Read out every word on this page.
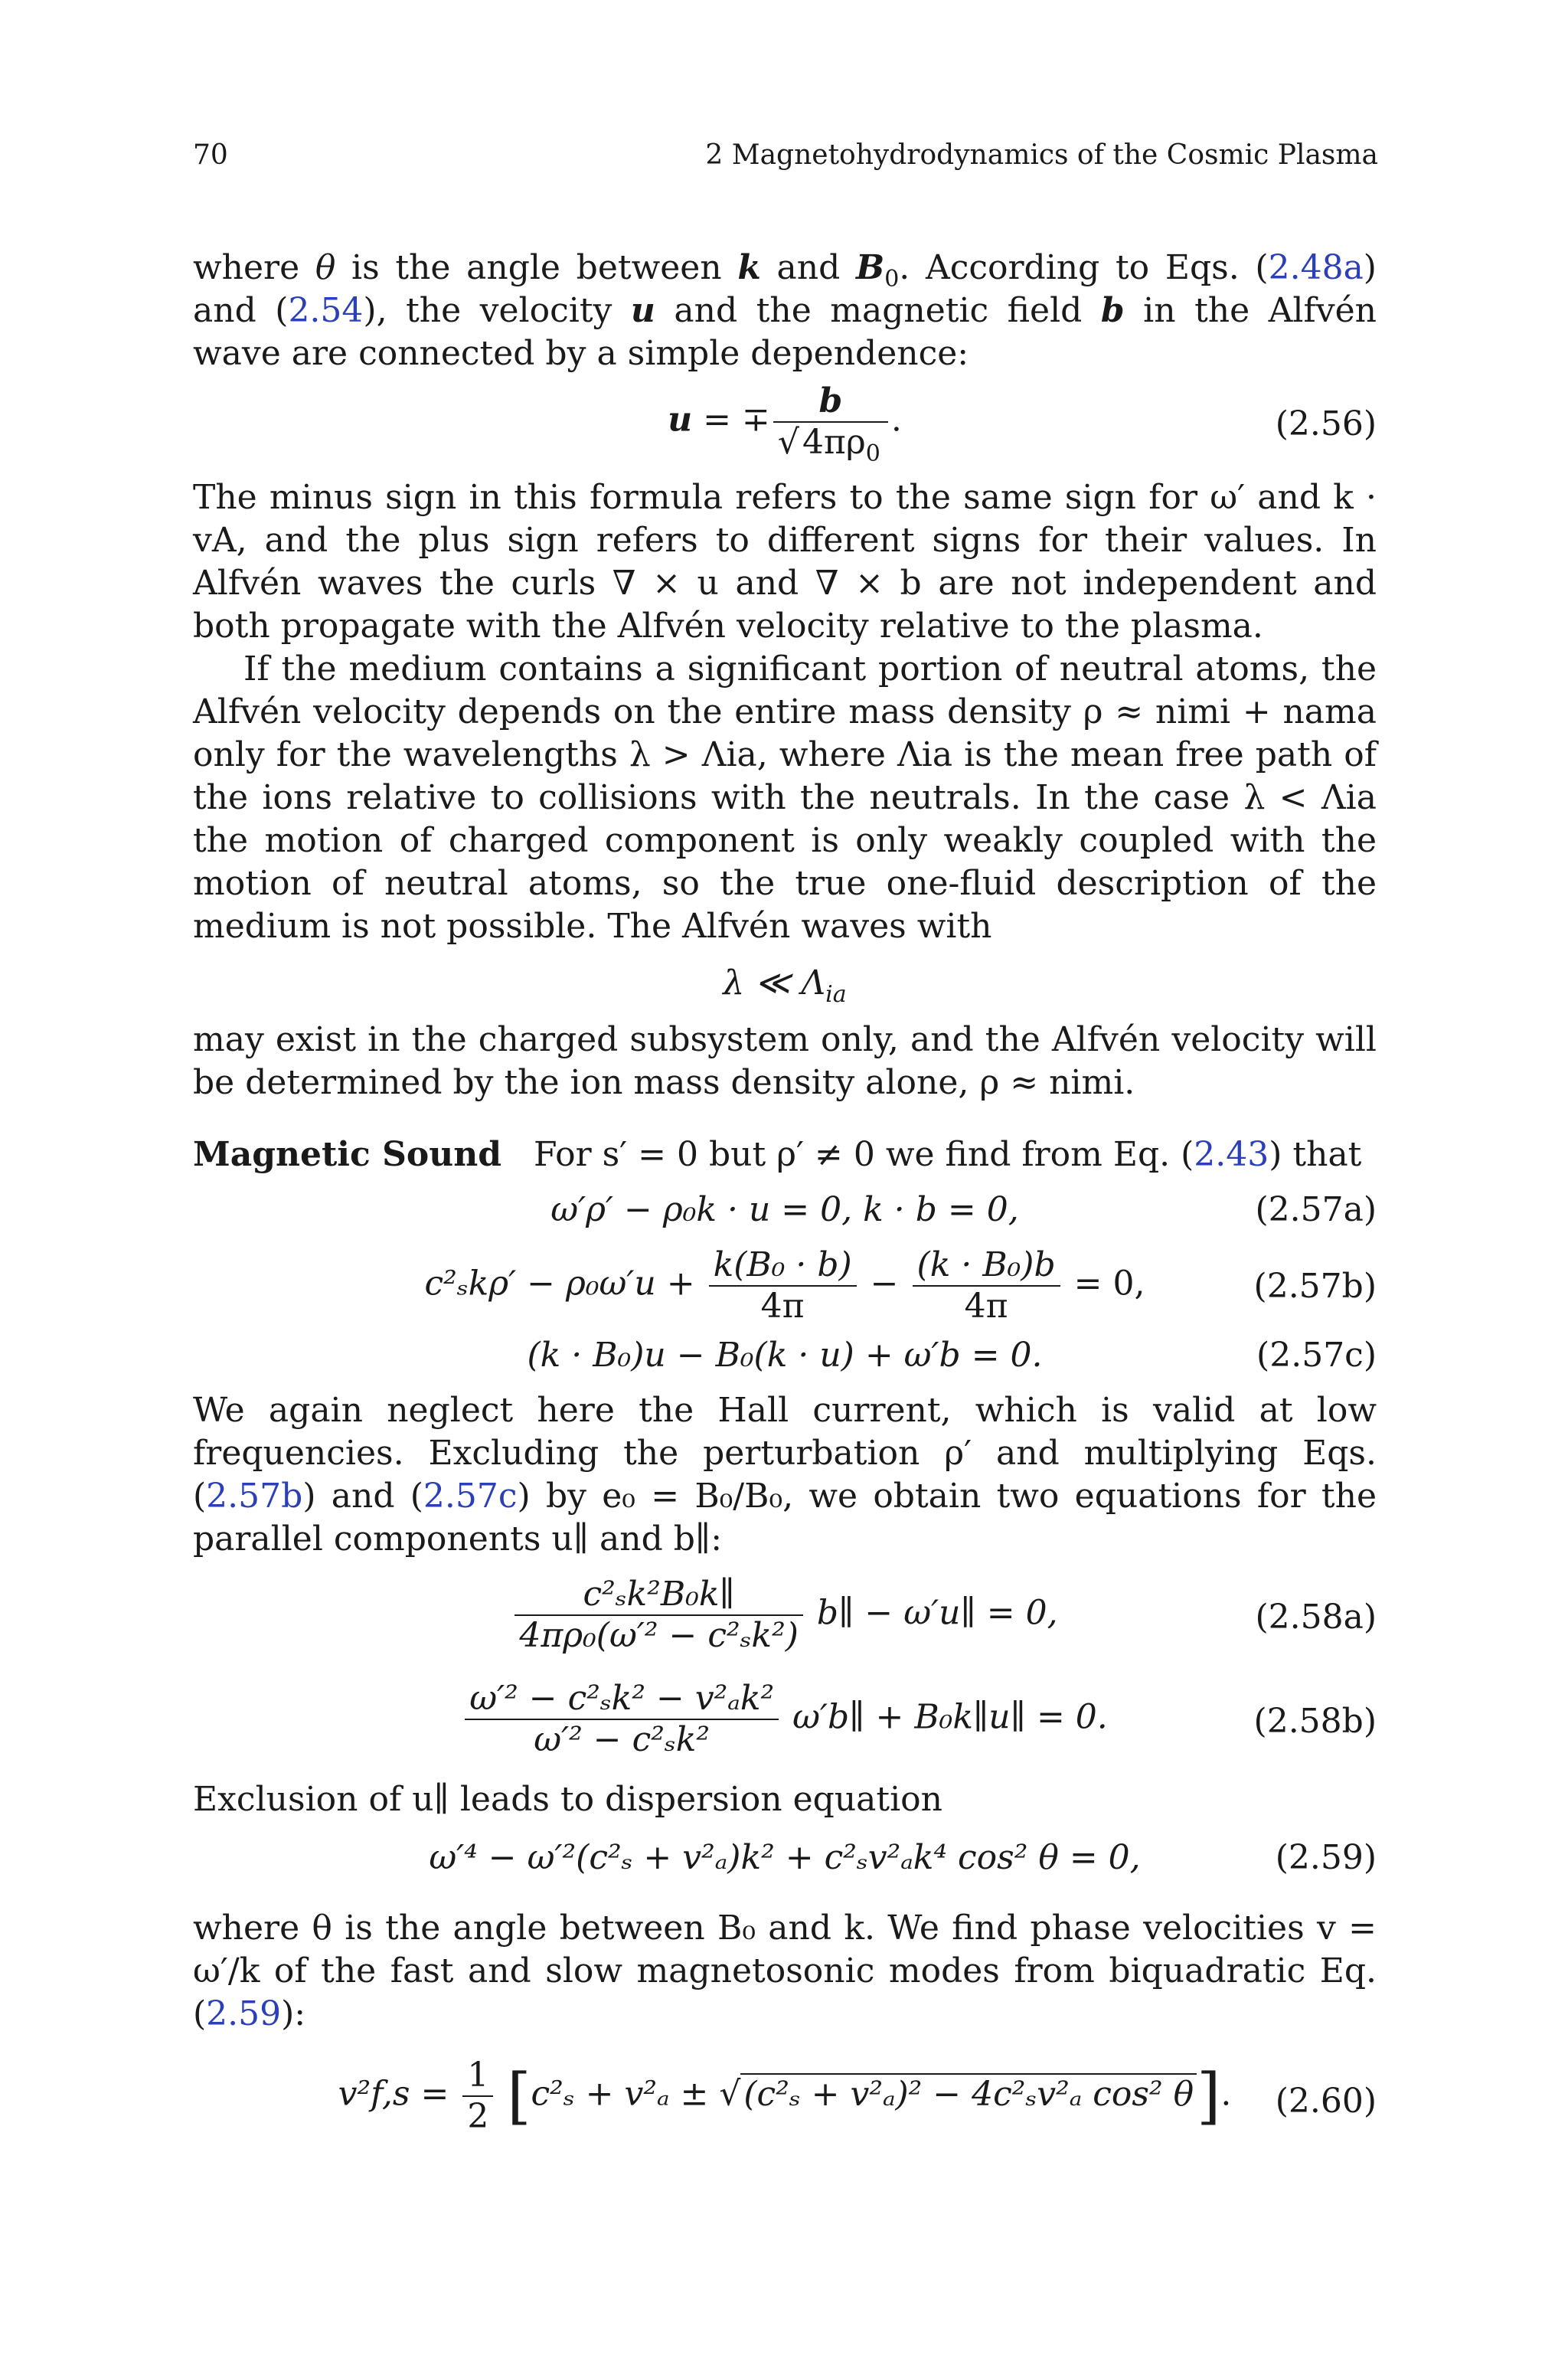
70	2 Magnetohydrodynamics of the Cosmic Plasma

where θ is the angle between k and $B_0$. According to Eqs. (2.48a) and (2.54), the velocity u and the magnetic field b in the Alfvén wave are connected by a simple dependence:

u = ∓ $\frac{b}{√4\pi\rho_0}$ .	(2.56)

The minus sign in this formula refers to the same sign for ω′ and k · vA, and the plus sign refers to different signs for their values. In Alfvén waves the curls ∇ × u and ∇ × b are not independent and both propagate with the Alfvén velocity relative to the plasma.

If the medium contains a significant portion of neutral atoms, the Alfvén velocity depends on the entire mass density ρ ≈ nimi + nama only for the wavelengths λ > Λia, where Λia is the mean free path of the ions relative to collisions with the neutrals. In the case λ < Λia the motion of charged component is only weakly coupled with the motion of neutral atoms, so the true one-fluid description of the medium is not possible. The Alfvén waves with

λ ≪ $\Lambda_{ia}$

may exist in the charged subsystem only, and the Alfvén velocity will be determined by the ion mass density alone, ρ ≈ nimi.

Magnetic Sound For s′ = 0 but ρ′ ≠ 0 we find from Eq. (2.43) that

ω′ρ′ − ρ₀k · u = 0, k · b = 0,	(2.57a)
$c^2_sk\rho' - \rho_0\omega'u + \frac{\text{k(B₀ · b)}}{4\pi} - \frac{\text{(k · B₀)b}}{4\pi} = 0$,	(2.57b)
(k · B₀)u − B₀(k · u) + ω′b = 0.	(2.57c)

We again neglect here the Hall current, which is valid at low frequencies. Excluding the perturbation ρ′ and multiplying Eqs. (2.57b) and (2.57c) by e₀ = B₀/B₀, we obtain two equations for the parallel components u∥ and b∥:

$\frac{\text{c²ₛk²B₀k∥}}{\text{4πρ₀(ω′² − c²ₛk²)}}$ b∥ − ω′u∥ = 0,	(2.58a)
$\frac{\text{ω′² − c²ₛk² − v²ₐk²}}{\text{ω′² − c²ₛk²}}$ ω′b∥ + B₀k∥u∥ = 0.	(2.58b)

Exclusion of u∥ leads to dispersion equation

ω′⁴ − ω′²(c²ₛ + v²ₐ)k² + c²ₛv²ₐk⁴ cos² θ = 0,	(2.59)

where θ is the angle between B₀ and k. We find phase velocities v = ω′/k of the fast and slow magnetosonic modes from biquadratic Eq. (2.59):

$v^2f,s = \frac{1}{2} [c^2_s + v^2_a \pm √(c^2_s + v^2_a)^2 - 4c^2_sv^2_a$ cos² θ].	(2.60)
